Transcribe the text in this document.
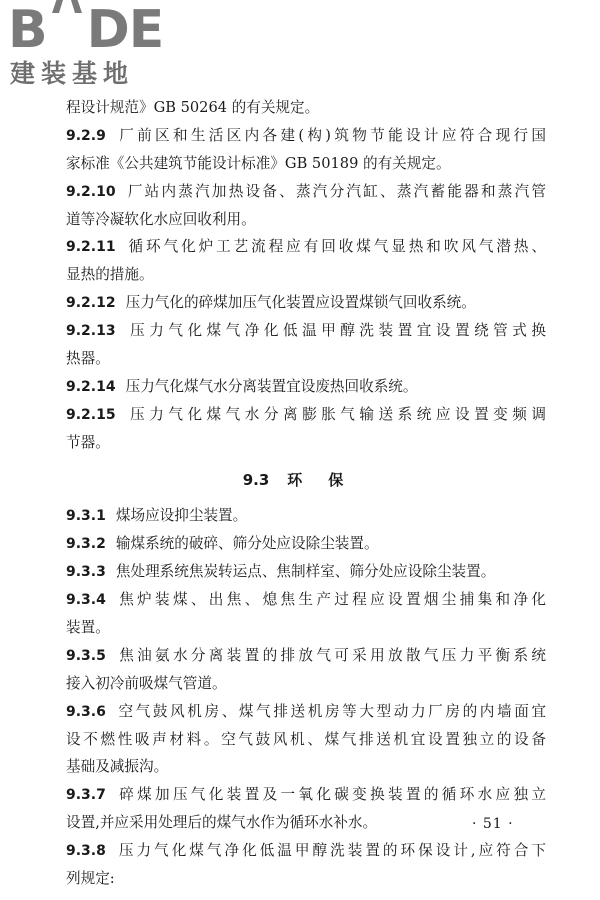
B DE
建装基地
程设计规范》GB 50264 的有关规定。
9.2.9 厂前区和生活区内各建(构)筑物节能设计应符合现行国
家标准《公共建筑节能设计标准》GB 50189 的有关规定。
9.2.10 厂站内蒸汽加热设备、蒸汽分汽缸、蒸汽蓄能器和蒸汽管
道等冷凝软化水应回收利用。
9.2.11 循环气化炉工艺流程应有回收煤气显热和吹风气潜热、
显热的措施。
9.2.12 压力气化的碎煤加压气化装置应设置煤锁气回收系统。
9.2.13 压力气化煤气净化低温甲醇洗装置宜设置绕管式换
热器。
9.2.14 压力气化煤气水分离装置宜设废热回收系统。
9.2.15 压力气化煤气水分离膨胀气输送系统应设置变频调
节器。
9.3 环保
9.3.1 煤场应设抑尘装置。
9.3.2 输煤系统的破碎、筛分处应设除尘装置。
9.3.3 焦处理系统焦炭转运点、焦制样室、筛分处应设除尘装置。
9.3.4 焦炉装煤、出焦、熄焦生产过程应设置烟尘捕集和净化
装置。
9.3.5 焦油氨水分离装置的排放气可采用放散气压力平衡系统
接入初冷前吸煤气管道。
9.3.6 空气鼓风机房、煤气排送机房等大型动力厂房的内墙面宜
设不燃性吸声材料。空气鼓风机、煤气排送机宜设置独立的设备
基础及减振沟。
9.3.7 碎煤加压气化装置及一氧化碳变换装置的循环水应独立
设置,并应采用处理后的煤气水作为循环水补水。
9.3.8 压力气化煤气净化低温甲醇洗装置的环保设计,应符合下
列规定:
· 51 ·
